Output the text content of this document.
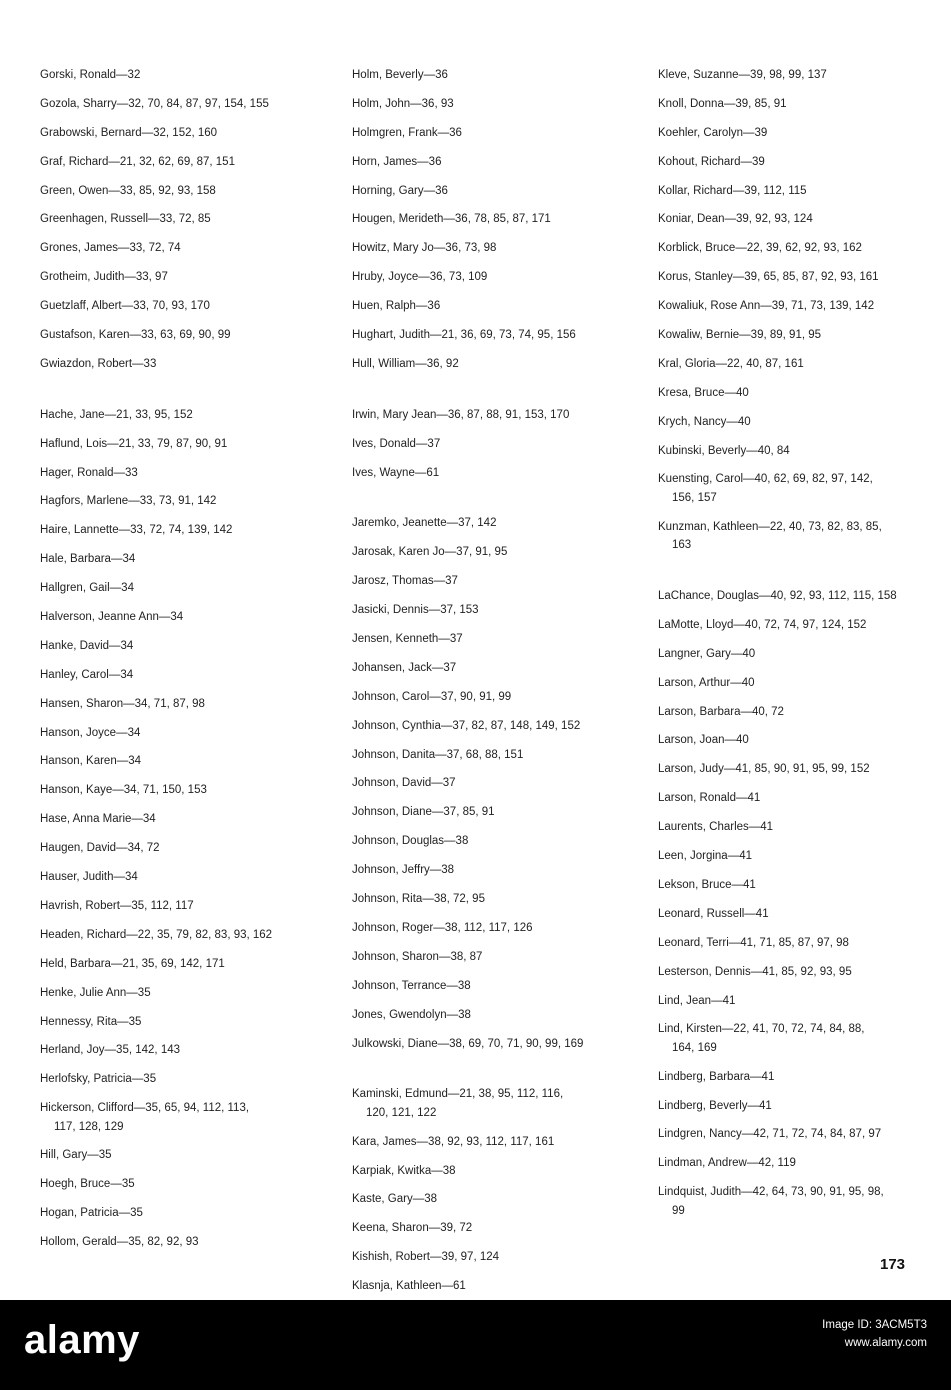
Gorski, Ronald—32
Gozola, Sharry—32, 70, 84, 87, 97, 154, 155
Grabowski, Bernard—32, 152, 160
Graf, Richard—21, 32, 62, 69, 87, 151
Green, Owen—33, 85, 92, 93, 158
Greenhagen, Russell—33, 72, 85
Grones, James—33, 72, 74
Grotheim, Judith—33, 97
Guetzlaff, Albert—33, 70, 93, 170
Gustafson, Karen—33, 63, 69, 90, 99
Gwiazdon, Robert—33
Hache, Jane—21, 33, 95, 152
Haflund, Lois—21, 33, 79, 87, 90, 91
Hager, Ronald—33
Hagfors, Marlene—33, 73, 91, 142
Haire, Lannette—33, 72, 74, 139, 142
Hale, Barbara—34
Hallgren, Gail—34
Halverson, Jeanne Ann—34
Hanke, David—34
Hanley, Carol—34
Hansen, Sharon—34, 71, 87, 98
Hanson, Joyce—34
Hanson, Karen—34
Hanson, Kaye—34, 71, 150, 153
Hase, Anna Marie—34
Haugen, David—34, 72
Hauser, Judith—34
Havrish, Robert—35, 112, 117
Headen, Richard—22, 35, 79, 82, 83, 93, 162
Held, Barbara—21, 35, 69, 142, 171
Henke, Julie Ann—35
Hennessy, Rita—35
Herland, Joy—35, 142, 143
Herlofsky, Patricia—35
Hickerson, Clifford—35, 65, 94, 112, 113,
117, 128, 129
Hill, Gary—35
Hoegh, Bruce—35
Hogan, Patricia—35
Hollom, Gerald—35, 82, 92, 93
Holm, Beverly—36
Holm, John—36, 93
Holmgren, Frank—36
Horn, James—36
Horning, Gary—36
Hougen, Merideth—36, 78, 85, 87, 171
Howitz, Mary Jo—36, 73, 98
Hruby, Joyce—36, 73, 109
Huen, Ralph—36
Hughart, Judith—21, 36, 69, 73, 74, 95, 156
Hull, William—36, 92
Irwin, Mary Jean—36, 87, 88, 91, 153, 170
Ives, Donald—37
Ives, Wayne—61
Jaremko, Jeanette—37, 142
Jarosak, Karen Jo—37, 91, 95
Jarosz, Thomas—37
Jasicki, Dennis—37, 153
Jensen, Kenneth—37
Johansen, Jack—37
Johnson, Carol—37, 90, 91, 99
Johnson, Cynthia—37, 82, 87, 148, 149, 152
Johnson, Danita—37, 68, 88, 151
Johnson, David—37
Johnson, Diane—37, 85, 91
Johnson, Douglas—38
Johnson, Jeffry—38
Johnson, Rita—38, 72, 95
Johnson, Roger—38, 112, 117, 126
Johnson, Sharon—38, 87
Johnson, Terrance—38
Jones, Gwendolyn—38
Julkowski, Diane—38, 69, 70, 71, 90, 99, 169
Kaminski, Edmund—21, 38, 95, 112, 116,
120, 121, 122
Kara, James—38, 92, 93, 112, 117, 161
Karpiak, Kwitka—38
Kaste, Gary—38
Keena, Sharon—39, 72
Kishish, Robert—39, 97, 124
Klasnja, Kathleen—61
Kleve, Suzanne—39, 98, 99, 137
Knoll, Donna—39, 85, 91
Koehler, Carolyn—39
Kohout, Richard—39
Kollar, Richard—39, 112, 115
Koniar, Dean—39, 92, 93, 124
Korblick, Bruce—22, 39, 62, 92, 93, 162
Korus, Stanley—39, 65, 85, 87, 92, 93, 161
Kowaliuk, Rose Ann—39, 71, 73, 139, 142
Kowaliw, Bernie—39, 89, 91, 95
Kral, Gloria—22, 40, 87, 161
Kresa, Bruce—40
Krych, Nancy—40
Kubinski, Beverly—40, 84
Kuensting, Carol—40, 62, 69, 82, 97, 142,
156, 157
Kunzman, Kathleen—22, 40, 73, 82, 83, 85,
163
LaChance, Douglas—40, 92, 93, 112, 115, 158
LaMotte, Lloyd—40, 72, 74, 97, 124, 152
Langner, Gary—40
Larson, Arthur—40
Larson, Barbara—40, 72
Larson, Joan—40
Larson, Judy—41, 85, 90, 91, 95, 99, 152
Larson, Ronald—41
Laurents, Charles—41
Leen, Jorgina—41
Lekson, Bruce—41
Leonard, Russell—41
Leonard, Terri—41, 71, 85, 87, 97, 98
Lesterson, Dennis—41, 85, 92, 93, 95
Lind, Jean—41
Lind, Kirsten—22, 41, 70, 72, 74, 84, 88,
164, 169
Lindberg, Barbara—41
Lindberg, Beverly—41
Lindgren, Nancy—42, 71, 72, 74, 84, 87, 97
Lindman, Andrew—42, 119
Lindquist, Judith—42, 64, 73, 90, 91, 95, 98,
99
173
alamy	Image ID: 3ACM5T3
www.alamy.com
